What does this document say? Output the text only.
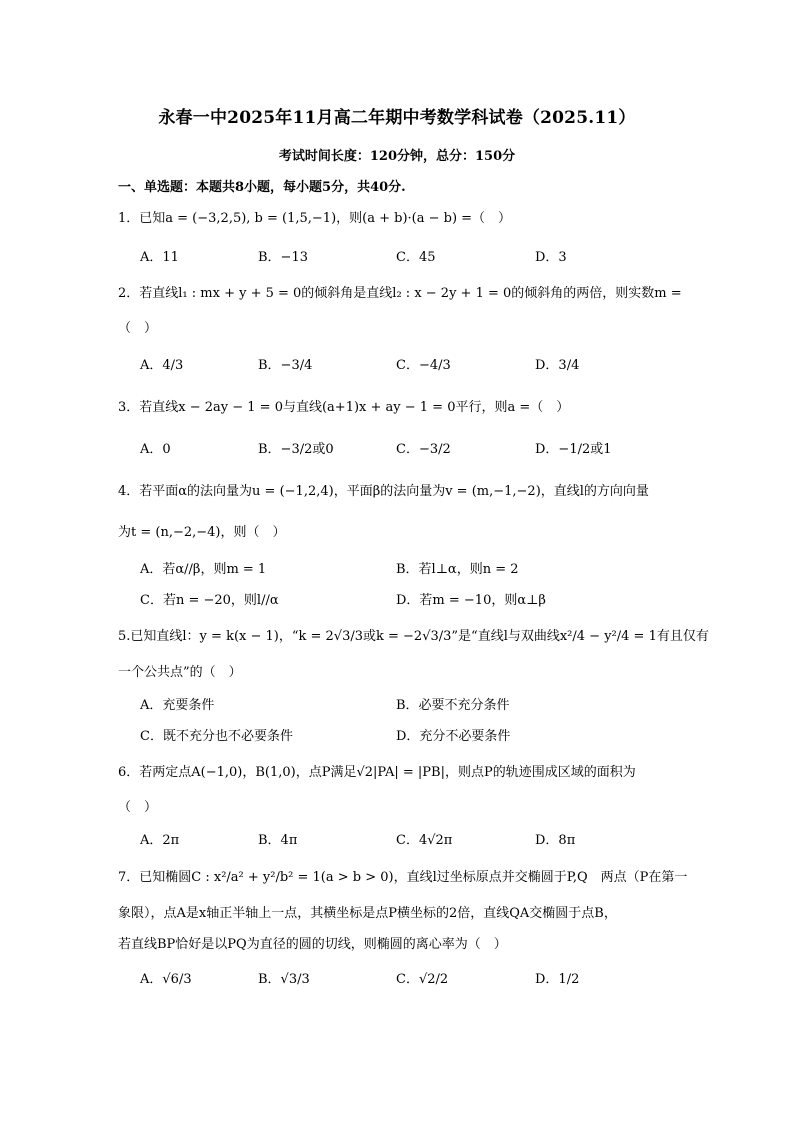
永春一中2025年11月高二年期中考数学科试卷（2025.11）
考试时间长度：120分钟，总分：150分
一、单选题：本题共8小题，每小题5分，共40分.
1．已知a = (−3,2,5), b = (1,5,−1)，则(a + b)·(a − b) =（　）
A．11	B．−13	C．45	D．3
2．若直线l₁ : mx + y + 5 = 0的倾斜角是直线l₂ : x − 2y + 1 = 0的倾斜角的两倍，则实数m =
（　）
A．4/3	B．−3/4	C．−4/3	D．3/4
3．若直线x − 2ay − 1 = 0与直线(a+1)x + ay − 1 = 0平行，则a =（　）
A．0	B．−3/2或0	C．−3/2	D．−1/2或1
4．若平面α的法向量为u = (−1,2,4)，平面β的法向量为v = (m,−1,−2)，直线l的方向向量
为t = (n,−2,−4)，则（　）
A．若α//β，则m = 1	B．若l⊥α，则n = 2
C．若n = −20，则l//α	D．若m = −10，则α⊥β
5.已知直线l：y = k(x − 1)，“k = 2√3/3或k = −2√3/3”是“直线l与双曲线x²/4 − y²/4 = 1有且仅有
一个公共点”的（　）
A．充要条件	B．必要不充分条件
C．既不充分也不必要条件	D．充分不必要条件
6．若两定点A(−1,0)，B(1,0)，点P满足√2|PA| = |PB|，则点P的轨迹围成区域的面积为
（　）
A．2π	B．4π	C．4√2π	D．8π
7．已知椭圆C : x²/a² + y²/b² = 1(a > b > 0)，直线l过坐标原点并交椭圆于P,Q　两点（P在第一
象限），点A是x轴正半轴上一点，其横坐标是点P横坐标的2倍，直线QA交椭圆于点B，
若直线BP恰好是以PQ为直径的圆的切线，则椭圆的离心率为（　）
A．√6/3	B．√3/3	C．√2/2	D．1/2
